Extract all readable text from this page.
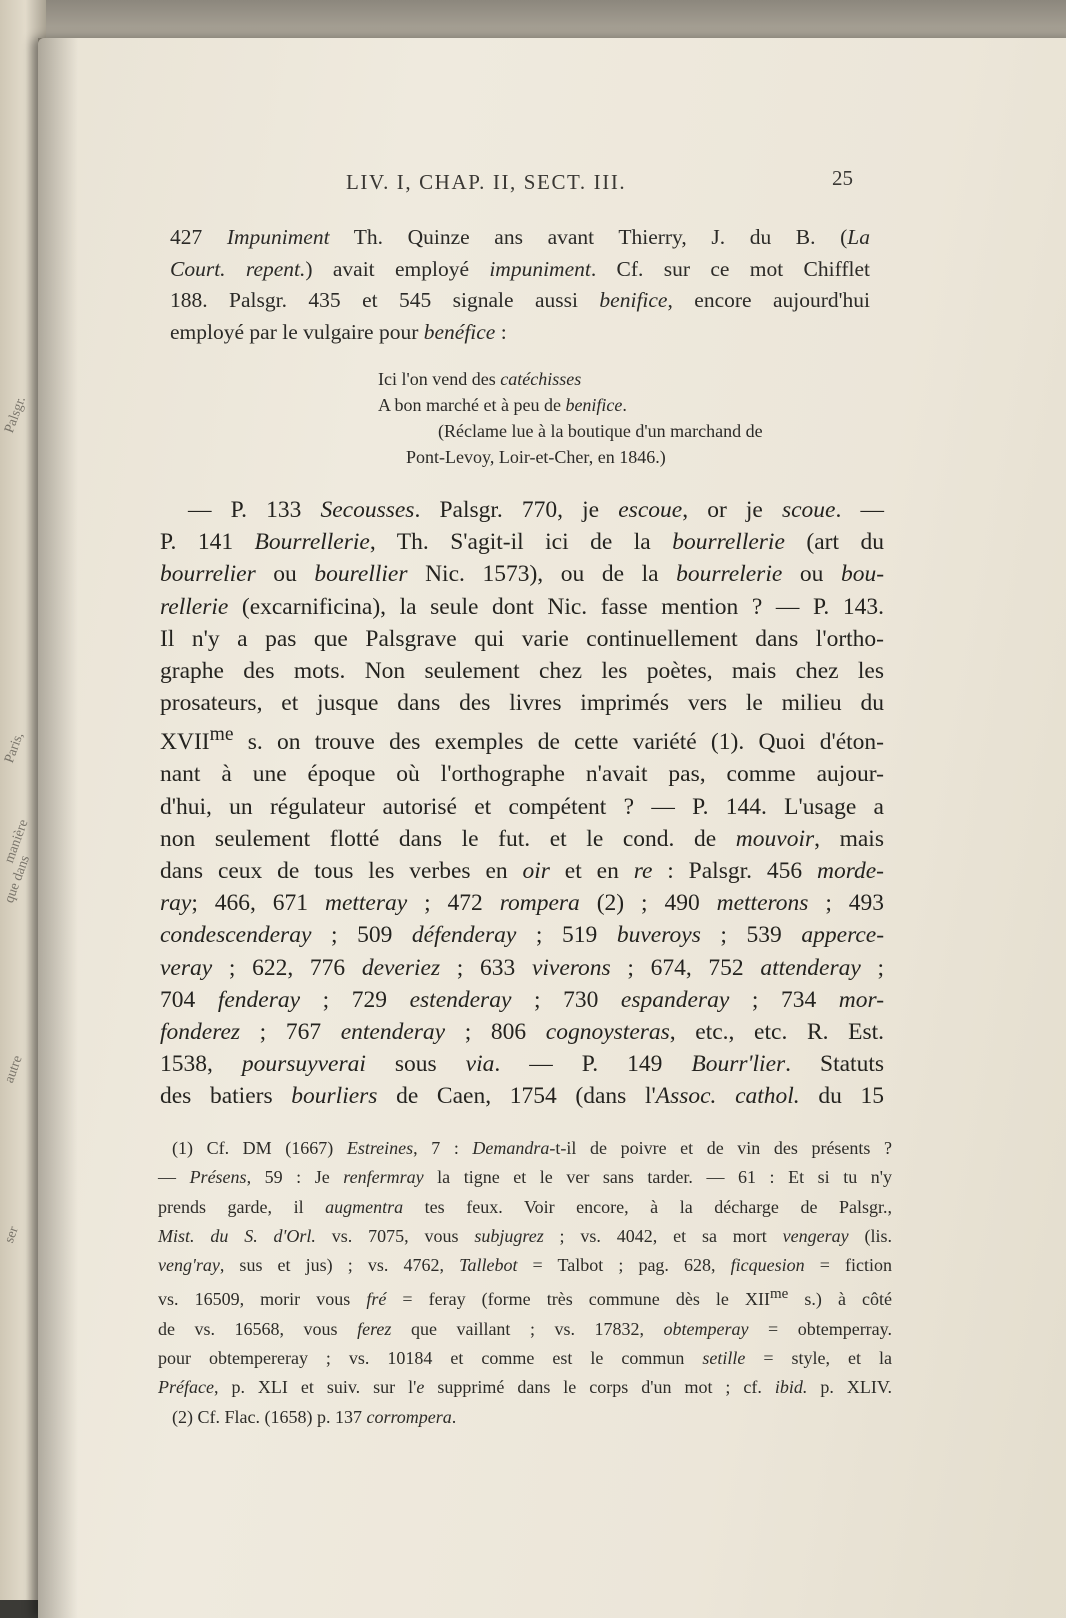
Palsgr.
Paris,
que dans
autre
ser
manière
LIV. I, CHAP. II, SECT. III.	25
427 Impuniment Th. Quinze ans avant Thierry, J. du B. (La
Court. repent.) avait employé impuniment. Cf. sur ce mot Chifflet
188. Palsgr. 435 et 545 signale aussi benifice, encore aujourd'hui
employé par le vulgaire pour benéfice :
Ici l'on vend des catéchisses
A bon marché et à peu de benifice.
(Réclame lue à la boutique d'un marchand de
Pont-Levoy, Loir-et-Cher, en 1846.)
— P. 133 Secousses. Palsgr. 770, je escoue, or je scoue. —
P. 141 Bourrellerie, Th. S'agit-il ici de la bourrellerie (art du
bourrelier ou bourellier Nic. 1573), ou de la bourrelerie ou bou-
rellerie (excarnificina), la seule dont Nic. fasse mention ? — P. 143.
Il n'y a pas que Palsgrave qui varie continuellement dans l'ortho-
graphe des mots. Non seulement chez les poètes, mais chez les
prosateurs, et jusque dans des livres imprimés vers le milieu du
$XVII^{me}$ s. on trouve des exemples de cette variété (1). Quoi d'éton-
nant à une époque où l'orthographe n'avait pas, comme aujour-
d'hui, un régulateur autorisé et compétent ? — P. 144. L'usage a
non seulement flotté dans le fut. et le cond. de mouvoir, mais
dans ceux de tous les verbes en oir et en re : Palsgr. 456 morde-
ray; 466, 671 metteray ; 472 rompera (2) ; 490 metterons ; 493
condescenderay ; 509 défenderay ; 519 buveroys ; 539 apperce-
veray ; 622, 776 deveriez ; 633 viverons ; 674, 752 attenderay ;
704 fenderay ; 729 estenderay ; 730 espanderay ; 734 mor-
fonderez ; 767 entenderay ; 806 cognoysteras, etc., etc. R. Est.
1538, poursuyverai sous via. — P. 149 Bourr'lier. Statuts
des batiers bourliers de Caen, 1754 (dans l'Assoc. cathol. du 15
(1) Cf. DM (1667) Estreines, 7 : Demandra-t-il de poivre et de vin des présents ?
— Présens, 59 : Je renfermray la tigne et le ver sans tarder. — 61 : Et si tu n'y
prends garde, il augmentra tes feux. Voir encore, à la décharge de Palsgr.,
Mist. du S. d'Orl. vs. 7075, vous subjugrez ; vs. 4042, et sa mort vengeray (lis.
veng'ray, sus et jus) ; vs. 4762, Tallebot = Talbot ; pag. 628, ficquesion = fiction
vs. 16509, morir vous fré = feray (forme très commune dès le $XII^{me}$ s.) à côté
de vs. 16568, vous ferez que vaillant ; vs. 17832, obtemperay = obtemperray.
pour obtempereray ; vs. 10184 et comme est le commun setille = style, et la
Préface, p. XLI et suiv. sur l'e supprimé dans le corps d'un mot ; cf. ibid. p. XLIV.
(2) Cf. Flac. (1658) p. 137 corrompera.
